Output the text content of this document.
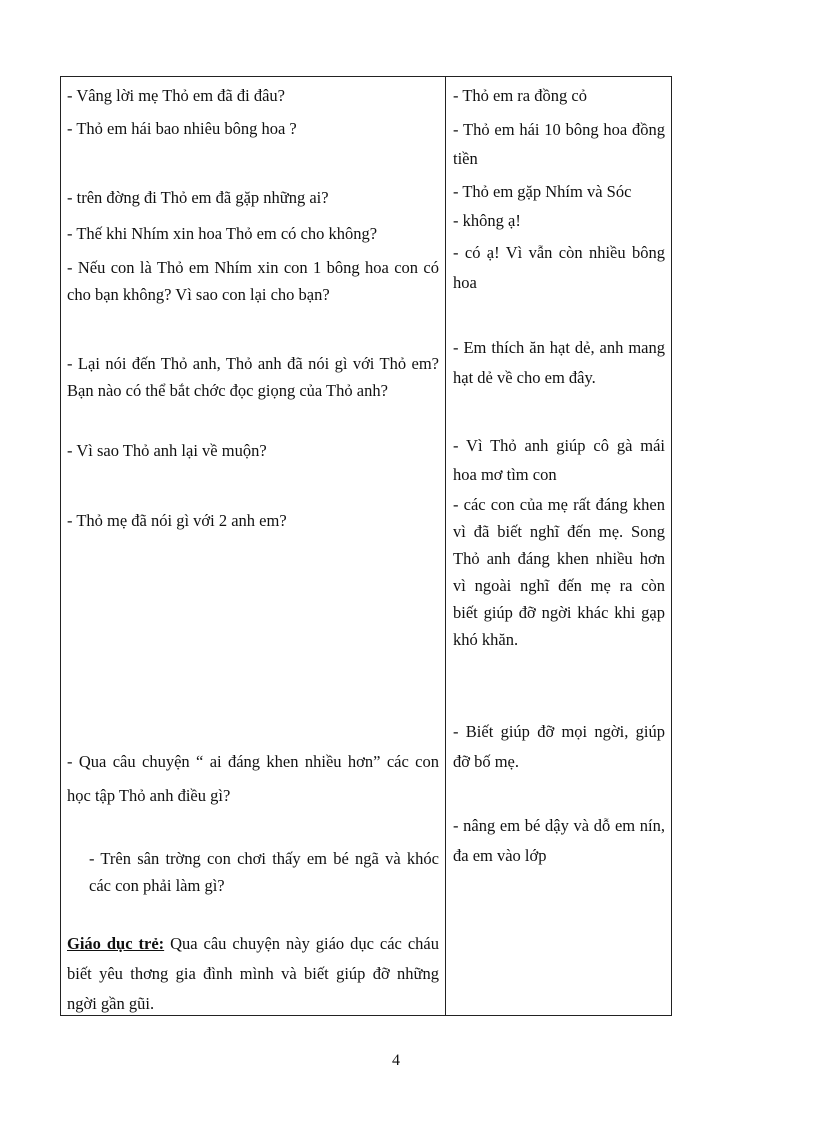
- Vâng lời mẹ Thỏ em đã đi đâu?
- Thỏ em hái bao nhiêu bông hoa ?
- trên đờng đi Thỏ em đã gặp những ai?
- Thế khi Nhím xin hoa Thỏ em có cho không?
- Nếu con là Thỏ em Nhím xin con 1 bông hoa con có cho bạn không? Vì sao con lại cho bạn?
- Lại nói đến Thỏ anh, Thỏ anh đã nói gì với Thỏ em? Bạn nào có thể bắt chớc đọc giọng của Thỏ anh?
- Vì sao Thỏ anh lại về muộn?
- Thỏ mẹ đã nói gì với 2 anh em?
- Qua câu chuyện “ ai đáng khen nhiều hơn” các con học tập Thỏ anh điều gì?
- Trên sân trờng con chơi thấy em bé ngã và khóc các con phải làm gì?
Giáo dục trẻ: Qua câu chuyện này giáo dục các cháu biết yêu thơng gia đình mình và biết giúp đỡ những ngời gần gũi.
- Thỏ em ra đồng cỏ
- Thỏ em hái 10 bông hoa đồng tiền
- Thỏ em gặp Nhím và Sóc
- không ạ!
- có ạ! Vì vẫn còn nhiều bông hoa
- Em thích ăn hạt dẻ, anh mang hạt dẻ về cho em đây.
- Vì Thỏ anh giúp cô gà mái hoa mơ tìm con
- các con của mẹ rất đáng khen vì đã biết nghĩ đến mẹ. Song Thỏ anh đáng khen nhiều hơn vì ngoài nghĩ đến mẹ ra còn biết giúp đỡ ngời khác khi gạp khó khăn.
- Biết giúp đỡ mọi ngời, giúp đỡ bố mẹ.
- nâng em bé dậy và dỗ em nín, đa em vào lớp
4
